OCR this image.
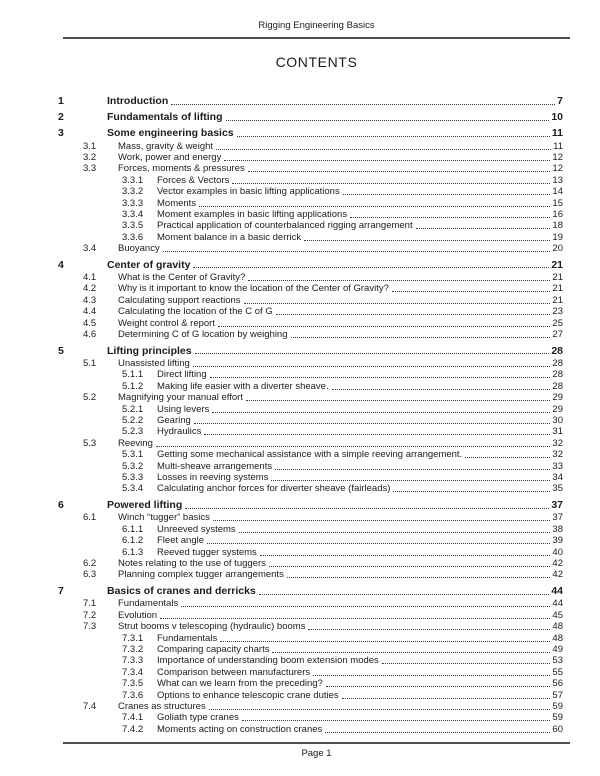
Rigging Engineering Basics
CONTENTS
1	Introduction	7
2	Fundamentals of lifting	10
3	Some engineering basics	11
3.1	Mass, gravity & weight	11
3.2	Work, power and energy	12
3.3	Forces, moments & pressures	12
3.3.1	Forces & Vectors	13
3.3.2	Vector examples in basic lifting applications	14
3.3.3	Moments	15
3.3.4	Moment examples in basic lifting applications	16
3.3.5	Practical application of counterbalanced rigging arrangement	18
3.3.6	Moment balance in a basic derrick	19
3.4	Buoyancy	20
4	Center of gravity	21
4.1	What is the Center of Gravity?	21
4.2	Why is it important to know the location of the Center of Gravity?	21
4.3	Calculating support reactions	21
4.4	Calculating the location of the C of G	23
4.5	Weight control & report	25
4.6	Determining C of G location by weighing	27
5	Lifting principles	28
5.1	Unassisted lifting	28
5.1.1	Direct lifting	28
5.1.2	Making life easier with a diverter sheave.	28
5.2	Magnifying your manual effort	29
5.2.1	Using levers	29
5.2.2	Gearing	30
5.2.3	Hydraulics	31
5.3	Reeving	32
5.3.1	Getting some mechanical assistance with a simple reeving arrangement.	32
5.3.2	Multi-sheave arrangements	33
5.3.3	Losses in reeving systems	34
5.3.4	Calculating anchor forces for diverter sheave (fairleads)	35
6	Powered lifting	37
6.1	Winch “tugger” basics	37
6.1.1	Unreeved systems	38
6.1.2	Fleet angle	39
6.1.3	Reeved tugger systems	40
6.2	Notes relating to the use of tuggers	42
6.3	Planning complex tugger arrangements	42
7	Basics of cranes and derricks	44
7.1	Fundamentals	44
7.2	Evolution	45
7.3	Strut booms v telescoping (hydraulic) booms	48
7.3.1	Fundamentals	48
7.3.2	Comparing capacity charts	49
7.3.3	Importance of understanding boom extension modes	53
7.3.4	Comparison between manufacturers	55
7.3.5	What can we learn from the preceding?	56
7.3.6	Options to enhance telescopic crane duties	57
7.4	Cranes as structures	59
7.4.1	Goliath type cranes	59
7.4.2	Moments acting on construction cranes	60
Page 1
